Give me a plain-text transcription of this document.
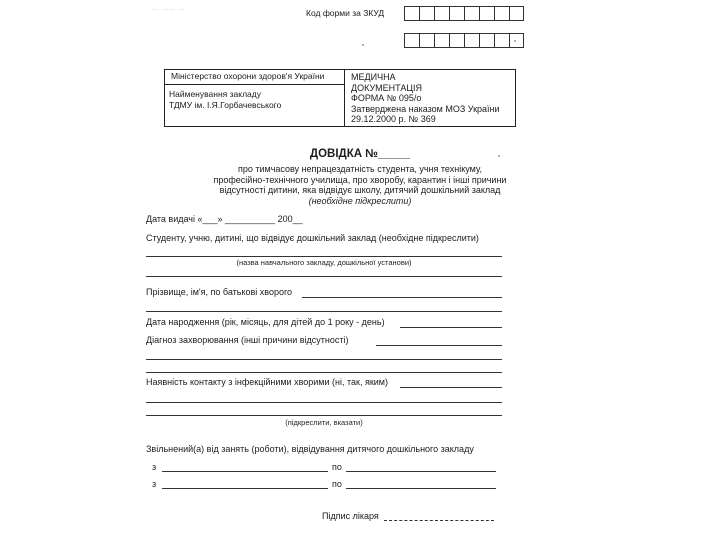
‥ ‥‥ ‥	Код форми за ЗКУД
Міністерство охорони здоров'я України
Найменування закладу
ТДМУ ім. І.Я.Горбачевського
МЕДИЧНА
ДОКУМЕНТАЦІЯ
ФОРМА № 095/о
Затверджена наказом МОЗ України
29.12.2000 р. № 369
ДОВІДКА №_____
про тимчасову непрацездатність студента, учня технікуму,
професійно-технічного училища, про хворобу, карантин і інші причини
відсутності дитини, яка відвідує школу, дитячий дошкільний заклад
(необхідне підкреслити)
Дата видачі «___» __________ 200__
Студенту, учню, дитині, що відвідує дошкільний заклад (необхідне підкреслити)
(назва навчального закладу, дошкільної установи)
Прізвище, ім'я, по батькові хворого
Дата народження (рік, місяць, для дітей до 1 року - день)
Діагноз захворювання (інші причини відсутності)
Наявність контакту з інфекційними хворими (ні, так, яким)
(підкреслити, вказати)
Звільнений(а) від занять (роботи), відвідування дитячого дошкільного закладу
з	по
з	по
Підпис лікаря
